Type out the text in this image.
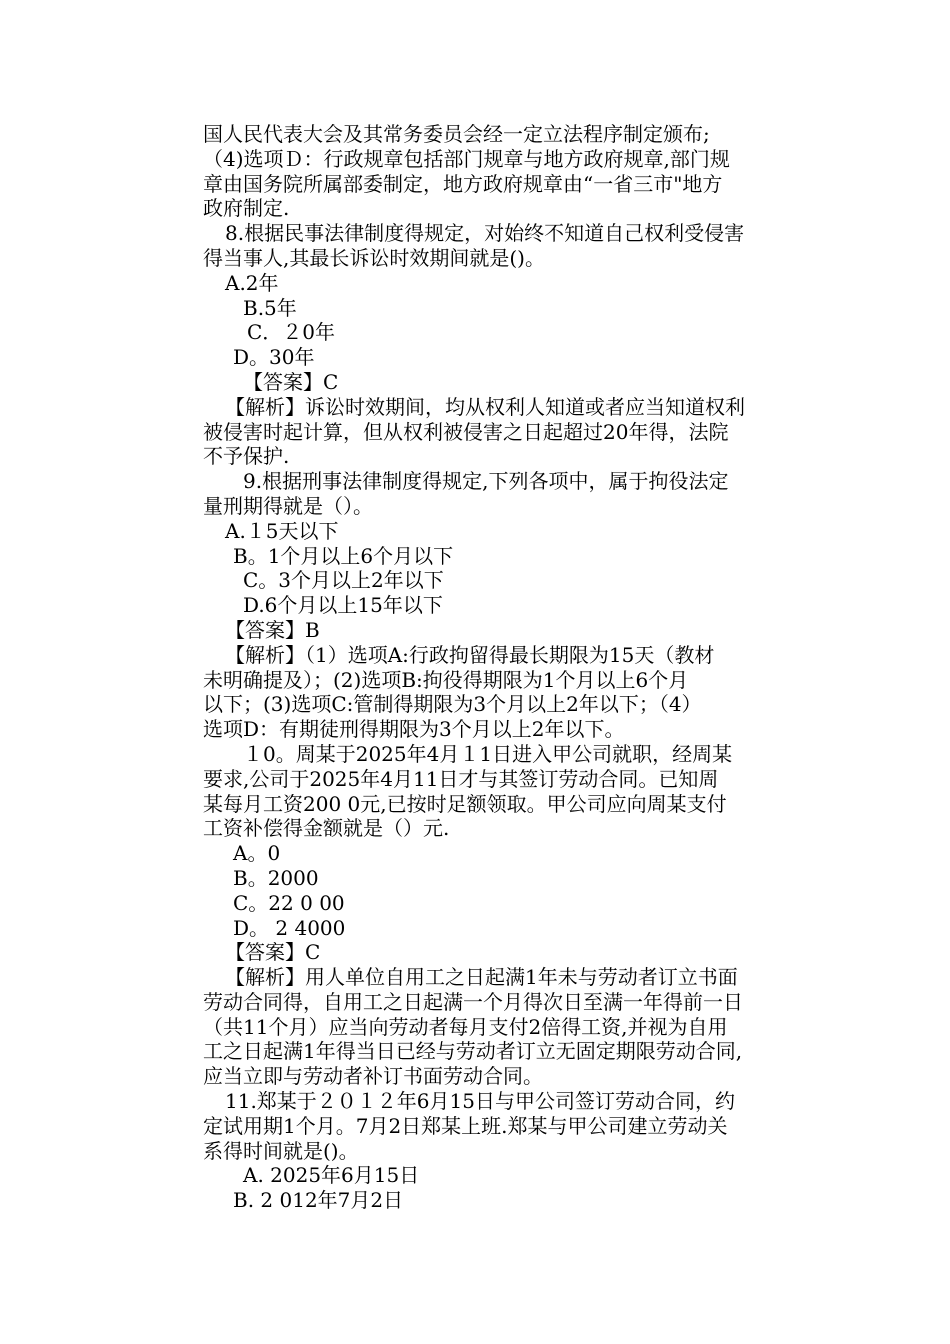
国人民代表大会及其常务委员会经一定立法程序制定颁布;
（4)选项Ｄ：行政规章包括部门规章与地方政府规章,部门规
章由国务院所属部委制定，地方政府规章由“一省三市"地方
政府制定.
8.根据民事法律制度得规定，对始终不知道自己权利受侵害
得当事人,其最长诉讼时效期间就是()。
A.2年
B.5年
C．２0年
D。30年
【答案】C
【解析】诉讼时效期间，均从权利人知道或者应当知道权利
被侵害时起计算，但从权利被侵害之日起超过20年得，法院
不予保护.
9.根据刑事法律制度得规定,下列各项中，属于拘役法定
量刑期得就是（）。
A.１5天以下
B。1个月以上6个月以下
C。3个月以上2年以下
D.6个月以上15年以下
【答案】B
【解析】（1）选项A:行政拘留得最长期限为15天（教材
未明确提及）；(2)选项B:拘役得期限为1个月以上6个月
以下；(3)选项C:管制得期限为3个月以上2年以下；（4）
选项D：有期徒刑得期限为3个月以上2年以下。
１0。周某于2025年4月１1日进入甲公司就职，经周某
要求,公司于2025年4月11日才与其签订劳动合同。已知周
某每月工资200 0元,已按时足额领取。甲公司应向周某支付
工资补偿得金额就是（）元.
A。0
B。2000
C。22 0 00
D。 2 4000
【答案】C
【解析】用人单位自用工之日起满1年未与劳动者订立书面
劳动合同得，自用工之日起满一个月得次日至满一年得前一日
（共11个月）应当向劳动者每月支付2倍得工资,并视为自用
工之日起满1年得当日已经与劳动者订立无固定期限劳动合同,
应当立即与劳动者补订书面劳动合同。
11.郑某于２０１２年6月15日与甲公司签订劳动合同，约
定试用期1个月。7月2日郑某上班.郑某与甲公司建立劳动关
系得时间就是()。
A. 2025年6月15日
B. 2 012年7月2日
